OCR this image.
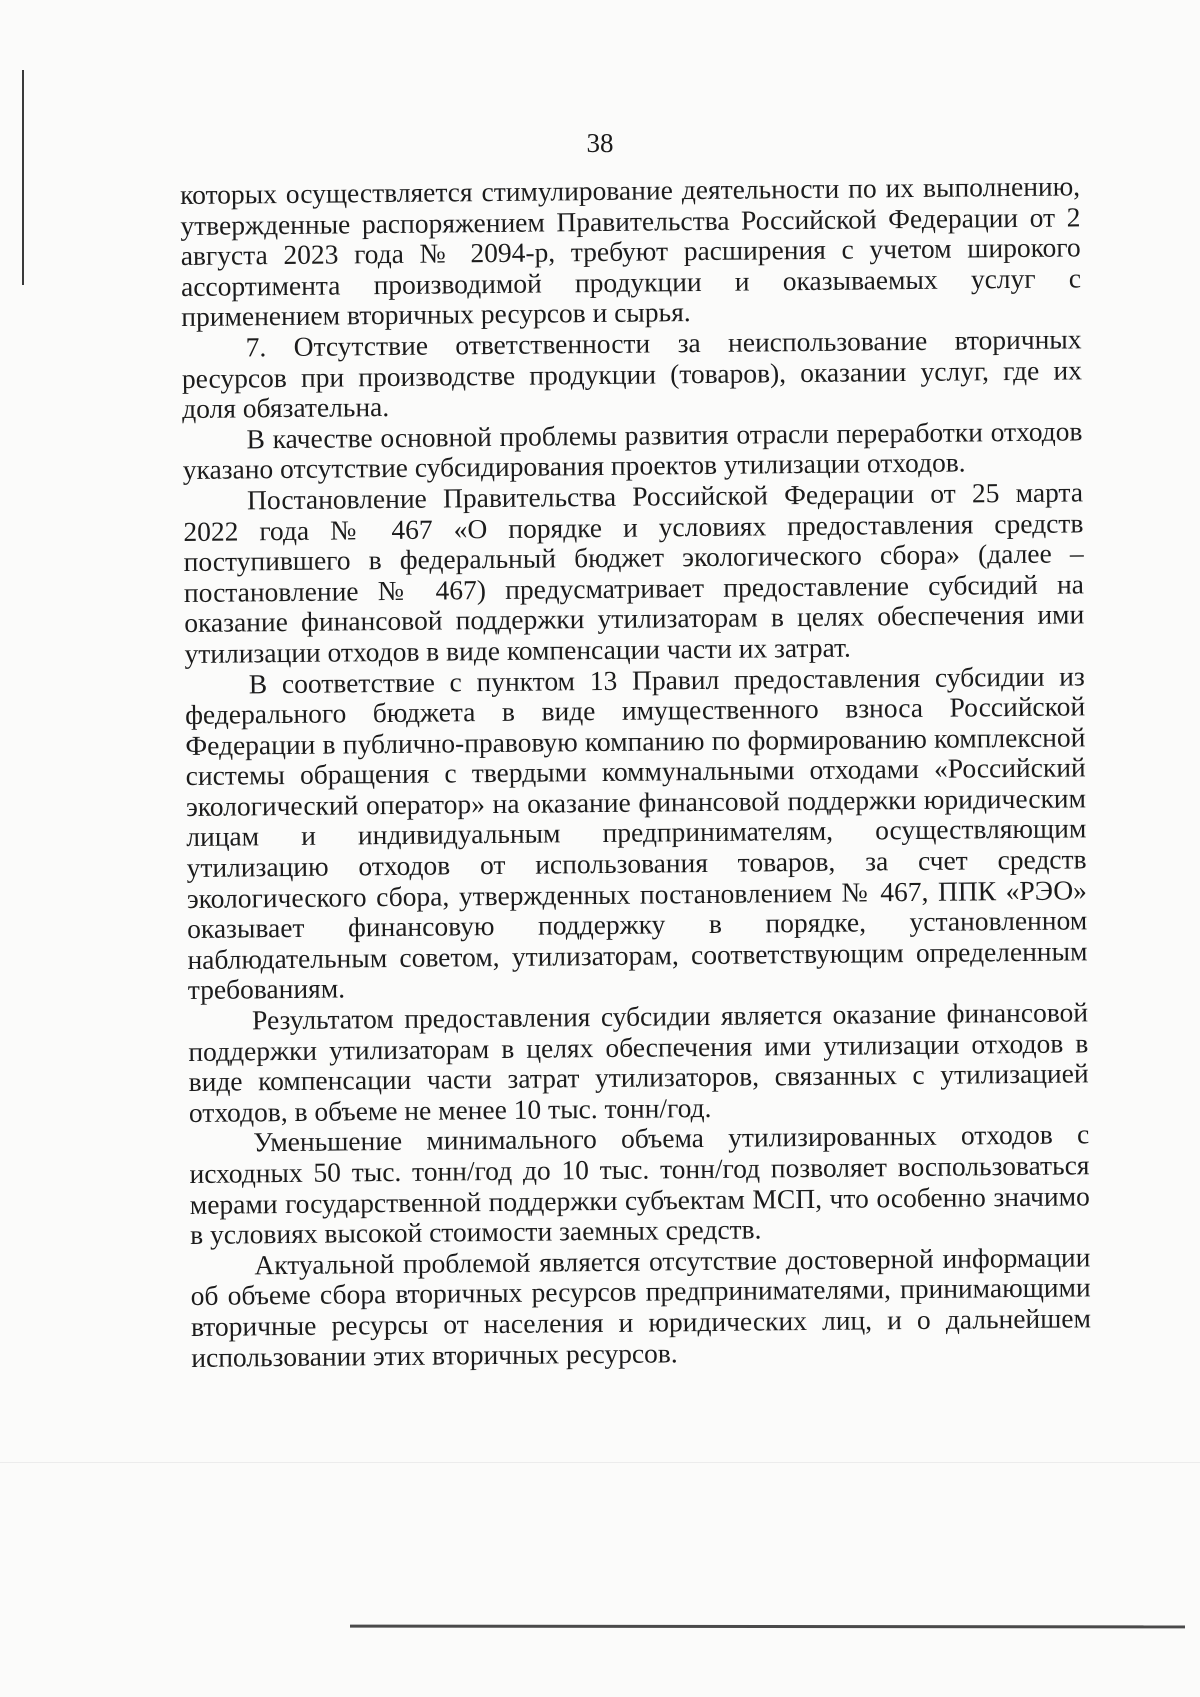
38

которых осуществляется стимулирование деятельности по их выполнению, утвержденные распоряжением Правительства Российской Федерации от 2 августа 2023 года № 2094-р, требуют расширения с учетом широкого ассортимента производимой продукции и оказываемых услуг с применением вторичных ресурсов и сырья.

7. Отсутствие ответственности за неиспользование вторичных ресурсов при производстве продукции (товаров), оказании услуг, где их доля обязательна.

В качестве основной проблемы развития отрасли переработки отходов указано отсутствие субсидирования проектов утилизации отходов.

Постановление Правительства Российской Федерации от 25 марта 2022 года № 467 «О порядке и условиях предоставления средств поступившего в федеральный бюджет экологического сбора» (далее – постановление № 467) предусматривает предоставление субсидий на оказание финансовой поддержки утилизаторам в целях обеспечения ими утилизации отходов в виде компенсации части их затрат.

В соответствие с пунктом 13 Правил предоставления субсидии из федерального бюджета в виде имущественного взноса Российской Федерации в публично-правовую компанию по формированию комплексной системы обращения с твердыми коммунальными отходами «Российский экологический оператор» на оказание финансовой поддержки юридическим лицам и индивидуальным предпринимателям, осуществляющим утилизацию отходов от использования товаров, за счет средств экологического сбора, утвержденных постановлением № 467, ППК «РЭО» оказывает финансовую поддержку в порядке, установленном наблюдательным советом, утилизаторам, соответствующим определенным требованиям.

Результатом предоставления субсидии является оказание финансовой поддержки утилизаторам в целях обеспечения ими утилизации отходов в виде компенсации части затрат утилизаторов, связанных с утилизацией отходов, в объеме не менее 10 тыс. тонн/год.

Уменьшение минимального объема утилизированных отходов с исходных 50 тыс. тонн/год до 10 тыс. тонн/год позволяет воспользоваться мерами государственной поддержки субъектам МСП, что особенно значимо в условиях высокой стоимости заемных средств.

Актуальной проблемой является отсутствие достоверной информации об объеме сбора вторичных ресурсов предпринимателями, принимающими вторичные ресурсы от населения и юридических лиц, и о дальнейшем использовании этих вторичных ресурсов.
